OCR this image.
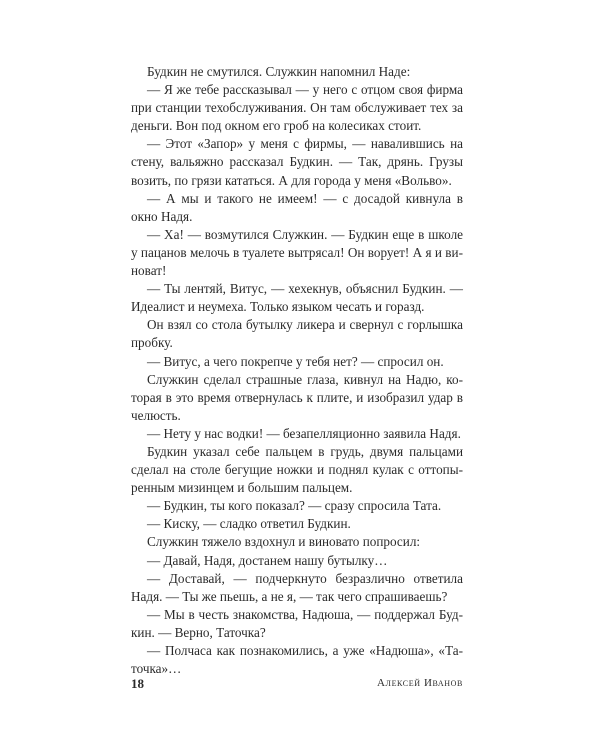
Будкин не смутился. Служкин напомнил Наде:

— Я же тебе рассказывал — у него с отцом своя фирма при станции техобслуживания. Он там обслуживает тех за деньги. Вон под окном его гроб на колесиках стоит.

— Этот «Запор» у меня с фирмы, — навалившись на стену, вальяжно рассказал Будкин. — Так, дрянь. Грузы возить, по грязи кататься. А для города у меня «Вольво».

— А мы и такого не имеем! — с досадой кивнула в окно Надя.

— Ха! — возмутился Служкин. — Будкин еще в школе у пацанов мелочь в туалете вытрясал! Он ворует! А я и виноват!

— Ты лентяй, Витус, — хехекнув, объяснил Будкин. — Идеалист и неумеха. Только языком чесать и горазд.

Он взял со стола бутылку ликера и свернул с горлышка пробку.

— Витус, а чего покрепче у тебя нет? — спросил он.

Служкин сделал страшные глаза, кивнул на Надю, которая в это время отвернулась к плите, и изобразил удар в челюсть.

— Нету у нас водки! — безапелляционно заявила Надя.

Будкин указал себе пальцем в грудь, двумя пальцами сделал на столе бегущие ножки и поднял кулак с оттопыренным мизинцем и большим пальцем.

— Будкин, ты кого показал? — сразу спросила Тата.

— Киску, — сладко ответил Будкин.

Служкин тяжело вздохнул и виновато попросил:

— Давай, Надя, достанем нашу бутылку…

— Доставай, — подчеркнуто безразлично ответила Надя. — Ты же пьешь, а не я, — так чего спрашиваешь?

— Мы в честь знакомства, Надюша, — поддержал Будкин. — Верно, Таточка?

— Полчаса как познакомились, а уже «Надюша», «Таточка»…

18	Алексей Иванов
